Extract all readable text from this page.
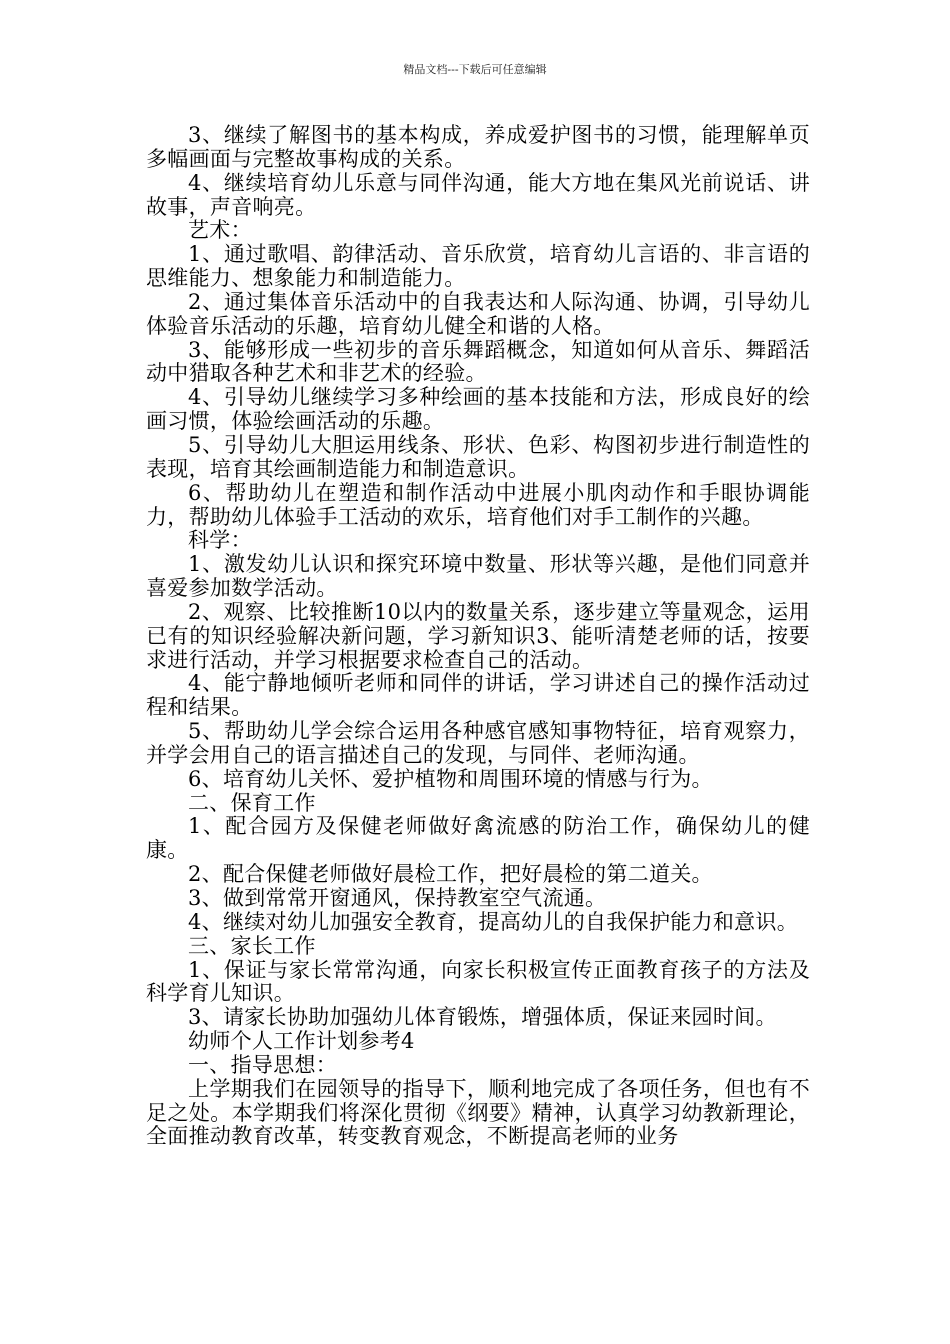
精品文档---下载后可任意编辑

3、继续了解图书的基本构成，养成爱护图书的习惯，能理解单页多幅画面与完整故事构成的关系。

4、继续培育幼儿乐意与同伴沟通，能大方地在集风光前说话、讲故事，声音响亮。

艺术：

1、通过歌唱、韵律活动、音乐欣赏，培育幼儿言语的、非言语的思维能力、想象能力和制造能力。

2、通过集体音乐活动中的自我表达和人际沟通、协调，引导幼儿体验音乐活动的乐趣，培育幼儿健全和谐的人格。

3、能够形成一些初步的音乐舞蹈概念，知道如何从音乐、舞蹈活动中猎取各种艺术和非艺术的经验。

4、引导幼儿继续学习多种绘画的基本技能和方法，形成良好的绘画习惯，体验绘画活动的乐趣。

5、引导幼儿大胆运用线条、形状、色彩、构图初步进行制造性的表现，培育其绘画制造能力和制造意识。

6、帮助幼儿在塑造和制作活动中进展小肌肉动作和手眼协调能力，帮助幼儿体验手工活动的欢乐，培育他们对手工制作的兴趣。

科学：

1、激发幼儿认识和探究环境中数量、形状等兴趣，是他们同意并喜爱参加数学活动。

2、观察、比较推断10以内的数量关系，逐步建立等量观念，运用已有的知识经验解决新问题，学习新知识3、能听清楚老师的话，按要求进行活动，并学习根据要求检查自己的活动。

4、能宁静地倾听老师和同伴的讲话，学习讲述自己的操作活动过程和结果。

5、帮助幼儿学会综合运用各种感官感知事物特征，培育观察力，并学会用自己的语言描述自己的发现，与同伴、老师沟通。

6、培育幼儿关怀、爱护植物和周围环境的情感与行为。

二、保育工作

1、配合园方及保健老师做好禽流感的防治工作，确保幼儿的健康。

2、配合保健老师做好晨检工作，把好晨检的第二道关。

3、做到常常开窗通风，保持教室空气流通。

4、继续对幼儿加强安全教育，提高幼儿的自我保护能力和意识。

三、家长工作

1、保证与家长常常沟通，向家长积极宣传正面教育孩子的方法及科学育儿知识。

3、请家长协助加强幼儿体育锻炼，增强体质，保证来园时间。

幼师个人工作计划参考4

一、指导思想：

上学期我们在园领导的指导下，顺利地完成了各项任务，但也有不足之处。本学期我们将深化贯彻《纲要》精神，认真学习幼教新理论，全面推动教育改革，转变教育观念，不断提高老师的业务
